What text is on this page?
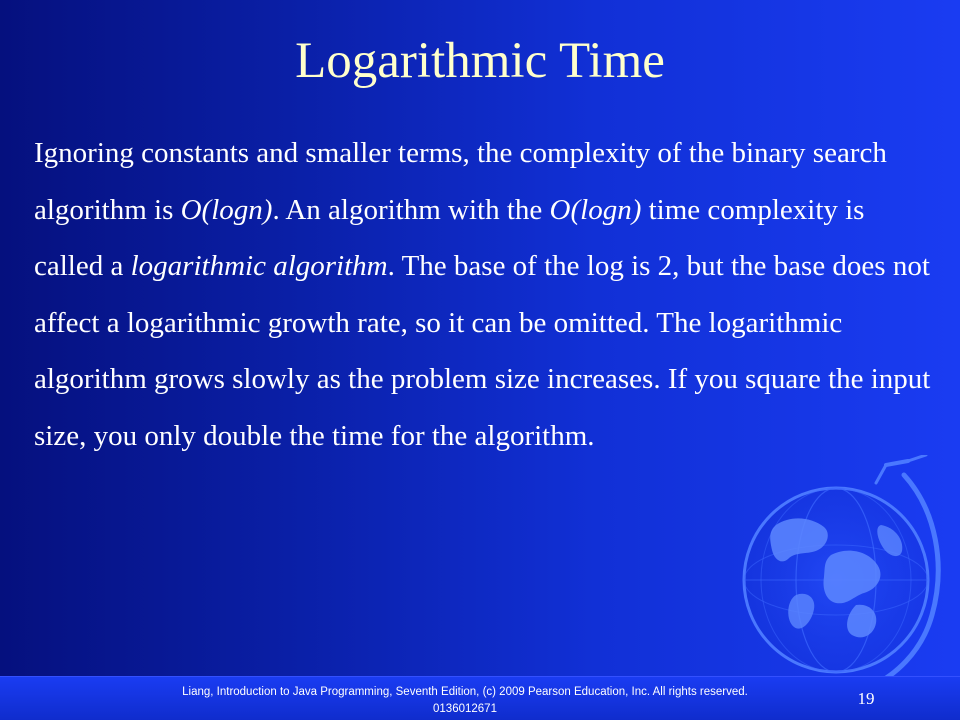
Logarithmic Time

Ignoring constants and smaller terms, the complexity of the binary search algorithm is O(logn). An algorithm with the O(logn) time complexity is called a logarithmic algorithm. The base of the log is 2, but the base does not affect a logarithmic growth rate, so it can be omitted. The logarithmic algorithm grows slowly as the problem size increases. If you square the input size, you only double the time for the algorithm.

Liang, Introduction to Java Programming, Seventh Edition, (c) 2009 Pearson Education, Inc. All rights reserved. 0136012671
19
